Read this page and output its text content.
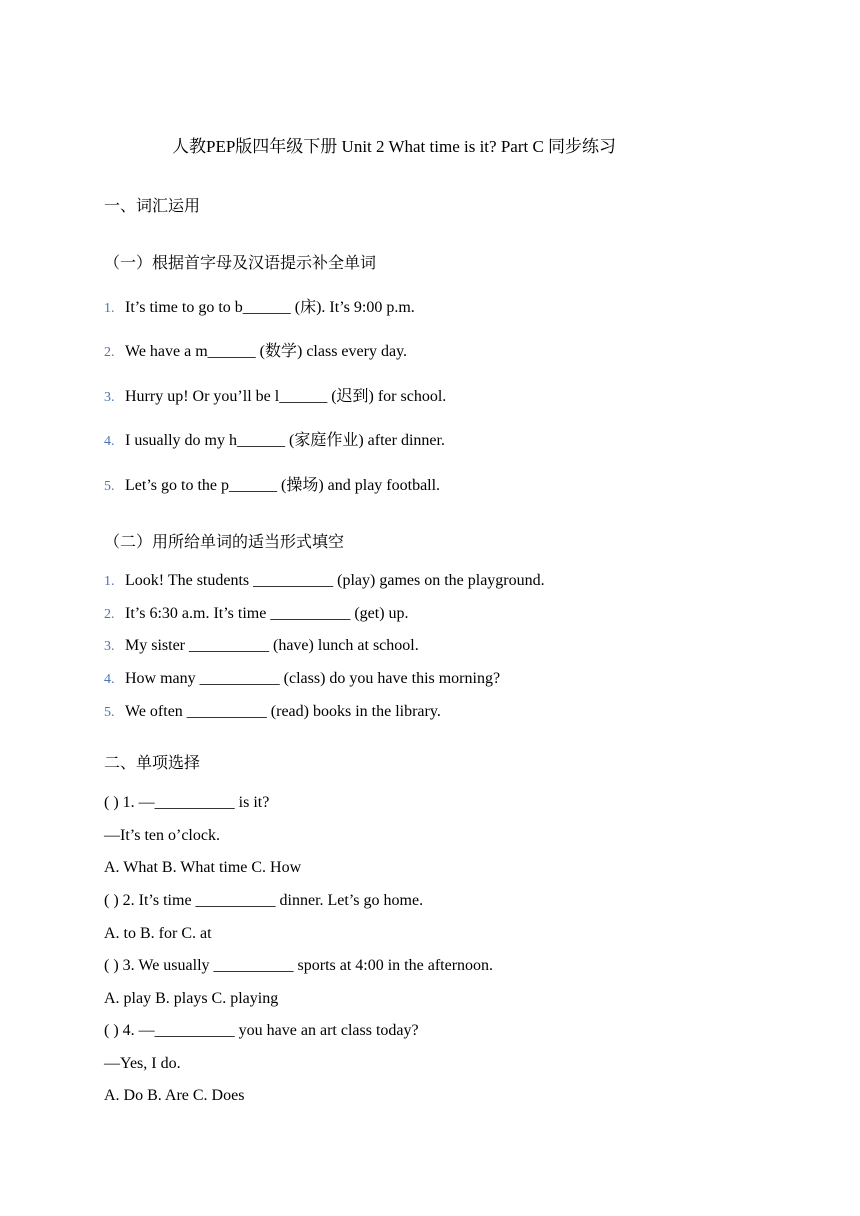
人教PEP版四年级下册 Unit 2 What time is it? Part C 同步练习

一、词汇运用

（一）根据首字母及汉语提示补全单词

1. It’s time to go to b______ (床). It’s 9:00 p.m.

2. We have a m______ (数学) class every day.

3. Hurry up! Or you’ll be l______ (迟到) for school.

4. I usually do my h______ (家庭作业) after dinner.

5. Let’s go to the p______ (操场) and play football.

（二）用所给单词的适当形式填空

1. Look! The students __________ (play) games on the playground.

2. It’s 6:30 a.m. It’s time __________ (get) up.

3. My sister __________ (have) lunch at school.

4. How many __________ (class) do you have this morning?

5. We often __________ (read) books in the library.

二、单项选择

( ) 1. —__________ is it?

—It’s ten o’clock.

A. What B. What time C. How

( ) 2. It’s time __________ dinner. Let’s go home.

A. to B. for C. at

( ) 3. We usually __________ sports at 4:00 in the afternoon.

A. play B. plays C. playing

( ) 4. —__________ you have an art class today?

—Yes, I do.

A. Do B. Are C. Does
